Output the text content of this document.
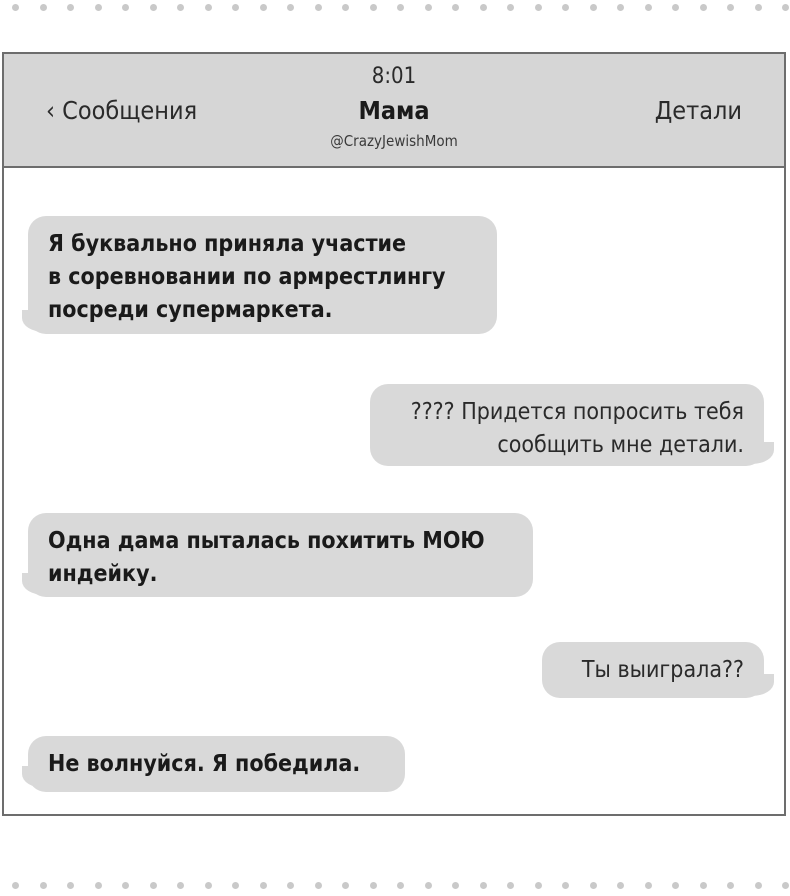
8:01
‹ Сообщения	Мама
@CrazyJewishMom
Детали
Я буквально приняла участие
в соревновании по армрестлингу
посреди супермаркета.
???? Придется попросить тебя
сообщить мне детали.
Одна дама пыталась похитить МОЮ
индейку.
Ты выиграла??
Не волнуйся. Я победила.
